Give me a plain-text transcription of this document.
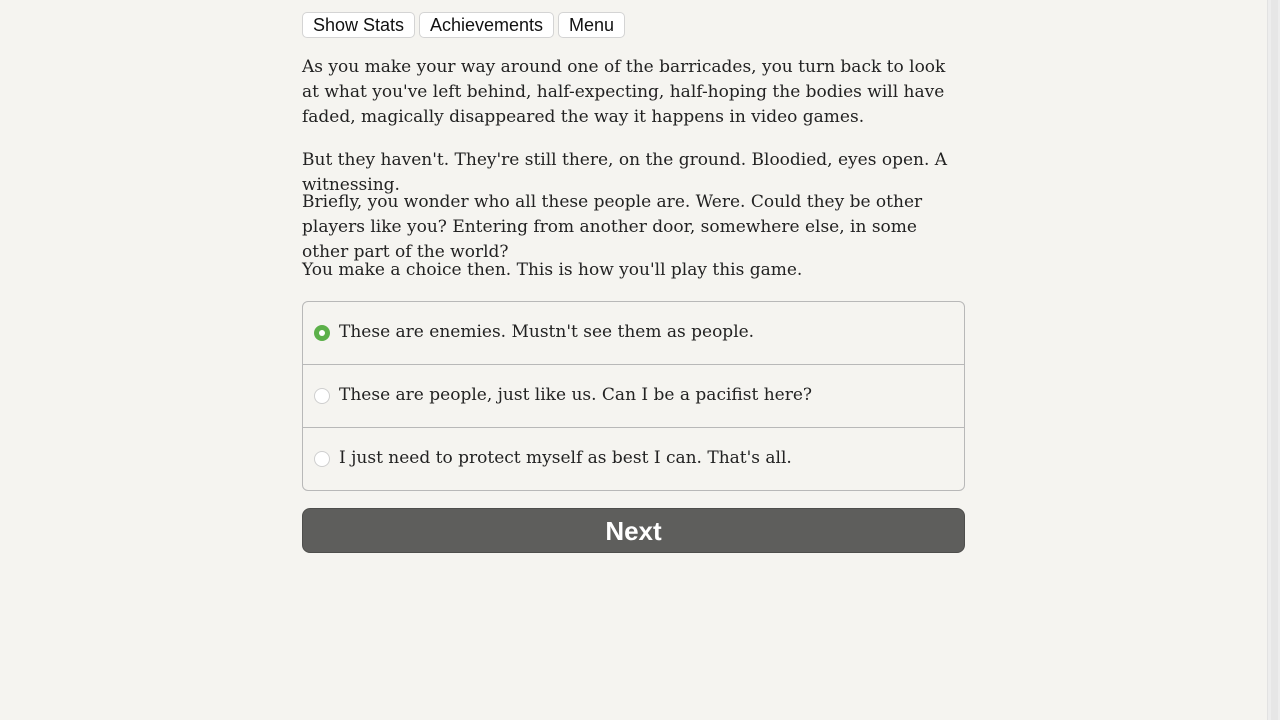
Show Stats	Achievements	Menu

As you make your way around one of the barricades, you turn back to look at what you've left behind, half-expecting, half-hoping the bodies will have faded, magically disappeared the way it happens in video games.

But they haven't. They're still there, on the ground. Bloodied, eyes open. A witnessing.

Briefly, you wonder who all these people are. Were. Could they be other players like you? Entering from another door, somewhere else, in some other part of the world?

You make a choice then. This is how you'll play this game.

These are enemies. Mustn't see them as people.
These are people, just like us. Can I be a pacifist here?
I just need to protect myself as best I can. That's all.
Next
